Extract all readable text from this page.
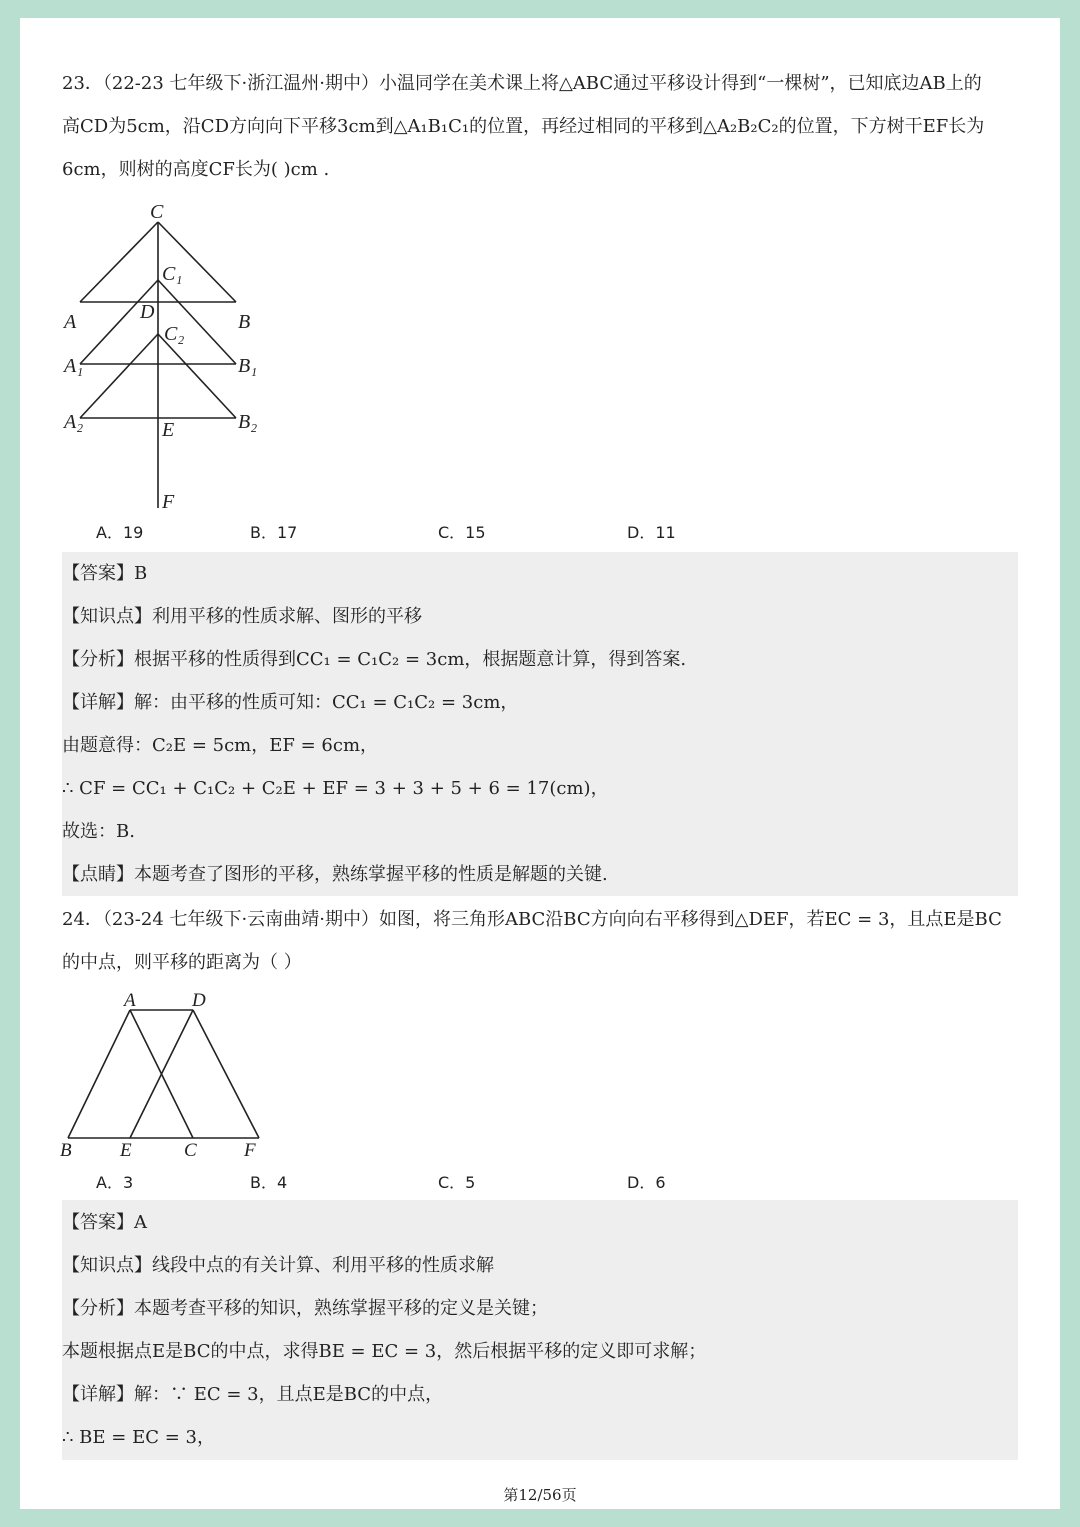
23．（22-23 七年级下·浙江温州·期中）小温同学在美术课上将△ABC通过平移设计得到“一棵树”，已知底边AB上的
高CD为5cm，沿CD方向向下平移3cm到△A₁B₁C₁的位置，再经过相同的平移到△A₂B₂C₂的位置，下方树干EF长为
6cm，则树的高度CF长为( )cm .
C
C₁
D
A	B
C₂
A₁	B₁
A₂	B₂
E
F
A．19	B．17	C．15	D．11
【答案】B
【知识点】利用平移的性质求解、图形的平移
【分析】根据平移的性质得到CC₁ = C₁C₂ = 3cm，根据题意计算，得到答案.
【详解】解：由平移的性质可知：CC₁ = C₁C₂ = 3cm，
由题意得：C₂E = 5cm，EF = 6cm，
∴ CF = CC₁ + C₁C₂ + C₂E + EF = 3 + 3 + 5 + 6 = 17(cm)，
故选：B.
【点睛】本题考查了图形的平移，熟练掌握平移的性质是解题的关键.
24．（23-24 七年级下·云南曲靖·期中）如图，将三角形ABC沿BC方向向右平移得到△DEF，若EC = 3，且点E是BC
的中点，则平移的距离为（ ）
A	D
B	E	C F
A．3	B．4	C．5	D．6
【答案】A
【知识点】线段中点的有关计算、利用平移的性质求解
【分析】本题考查平移的知识，熟练掌握平移的定义是关键；
本题根据点E是BC的中点，求得BE = EC = 3，然后根据平移的定义即可求解；
【详解】解：∵ EC = 3，且点E是BC的中点，
∴ BE = EC = 3，
第12/56页
